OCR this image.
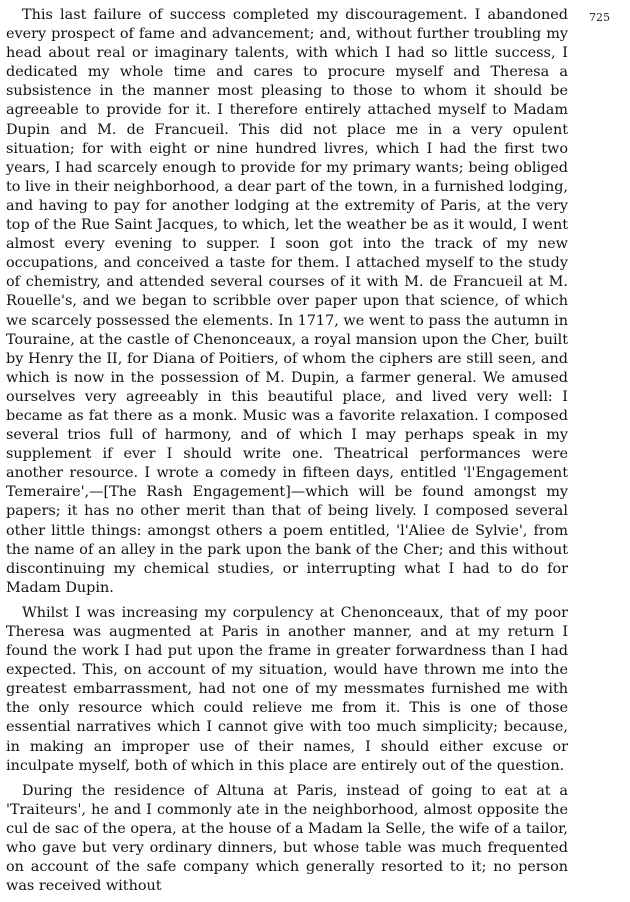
725

This last failure of success completed my discouragement. I abandoned every prospect of fame and advancement; and, without further troubling my head about real or imaginary talents, with which I had so little success, I dedicated my whole time and cares to procure myself and Theresa a subsistence in the manner most pleasing to those to whom it should be agreeable to provide for it. I therefore entirely attached myself to Madam Dupin and M. de Francueil. This did not place me in a very opulent situation; for with eight or nine hundred livres, which I had the first two years, I had scarcely enough to provide for my primary wants; being obliged to live in their neighborhood, a dear part of the town, in a furnished lodging, and having to pay for another lodging at the extremity of Paris, at the very top of the Rue Saint Jacques, to which, let the weather be as it would, I went almost every evening to supper. I soon got into the track of my new occupations, and conceived a taste for them. I attached myself to the study of chemistry, and attended several courses of it with M. de Francueil at M. Rouelle's, and we began to scribble over paper upon that science, of which we scarcely possessed the elements. In 1717, we went to pass the autumn in Touraine, at the castle of Chenonceaux, a royal mansion upon the Cher, built by Henry the II, for Diana of Poitiers, of whom the ciphers are still seen, and which is now in the possession of M. Dupin, a farmer general. We amused ourselves very agreeably in this beautiful place, and lived very well: I became as fat there as a monk. Music was a favorite relaxation. I composed several trios full of harmony, and of which I may perhaps speak in my supplement if ever I should write one. Theatrical performances were another resource. I wrote a comedy in fifteen days, entitled 'l'Engagement Temeraire',—[The Rash Engagement]—which will be found amongst my papers; it has no other merit than that of being lively. I composed several other little things: amongst others a poem entitled, 'l'Aliee de Sylvie', from the name of an alley in the park upon the bank of the Cher; and this without discontinuing my chemical studies, or interrupting what I had to do for Madam Dupin.

Whilst I was increasing my corpulency at Chenonceaux, that of my poor Theresa was augmented at Paris in another manner, and at my return I found the work I had put upon the frame in greater forwardness than I had expected. This, on account of my situation, would have thrown me into the greatest embarrassment, had not one of my messmates furnished me with the only resource which could relieve me from it. This is one of those essential narratives which I cannot give with too much simplicity; because, in making an improper use of their names, I should either excuse or inculpate myself, both of which in this place are entirely out of the question.

During the residence of Altuna at Paris, instead of going to eat at a 'Traiteurs', he and I commonly ate in the neighborhood, almost opposite the cul de sac of the opera, at the house of a Madam la Selle, the wife of a tailor, who gave but very ordinary dinners, but whose table was much frequented on account of the safe company which generally resorted to it; no person was received without
